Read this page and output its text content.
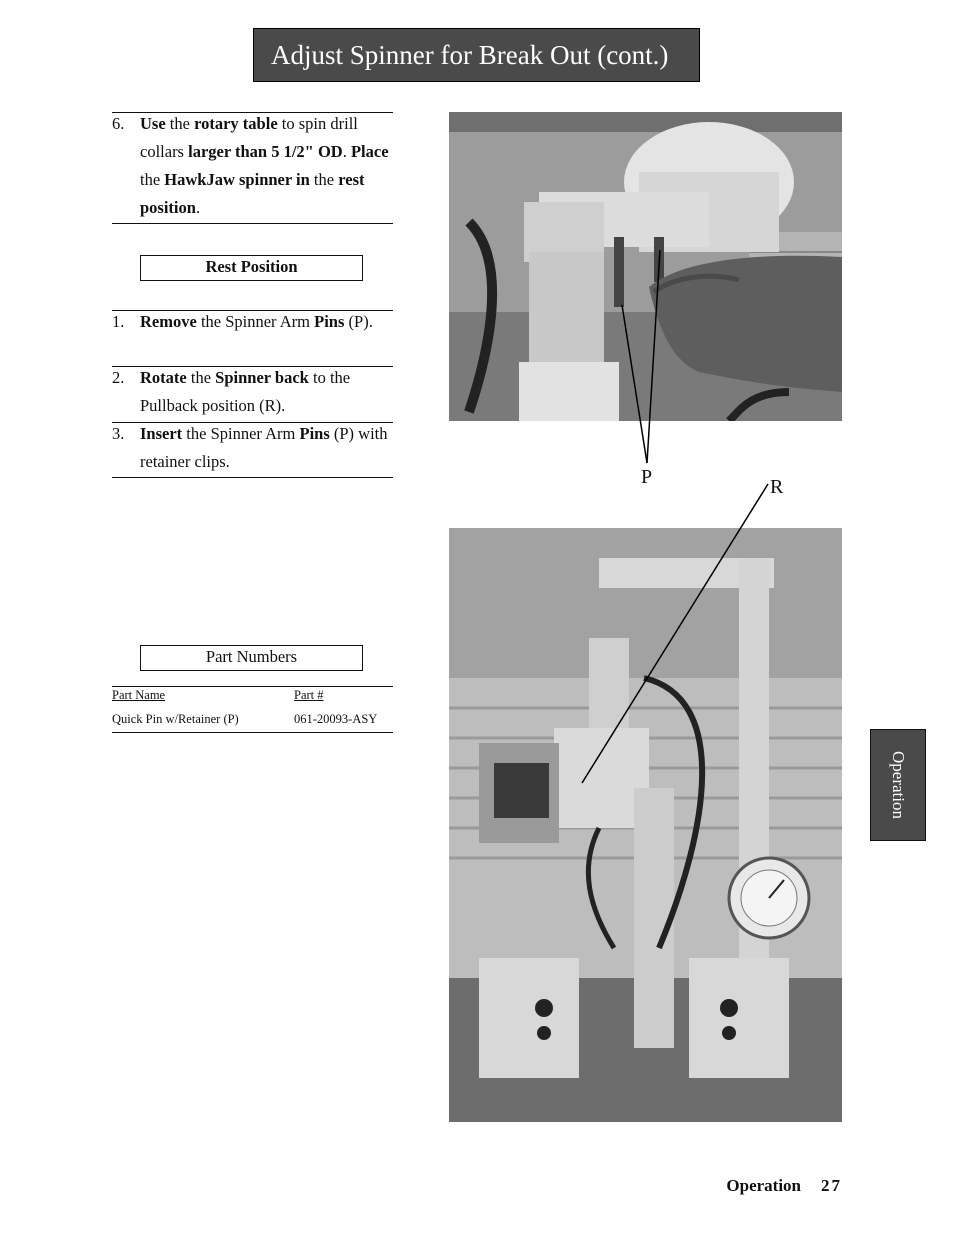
Adjust Spinner for Break Out (cont.)
6. Use the rotary table to spin drill collars larger than 5 1/2" OD. Place the HawkJaw spinner in the rest position.
Rest Position
1. Remove the Spinner Arm Pins (P).
2. Rotate the Spinner back to the Pullback position (R).
3. Insert the Spinner Arm Pins (P) with retainer clips.
Part Numbers
Part Name	Part #
Quick Pin w/Retainer (P)	061-20093-ASY
P	R
Operation
Operation 27
